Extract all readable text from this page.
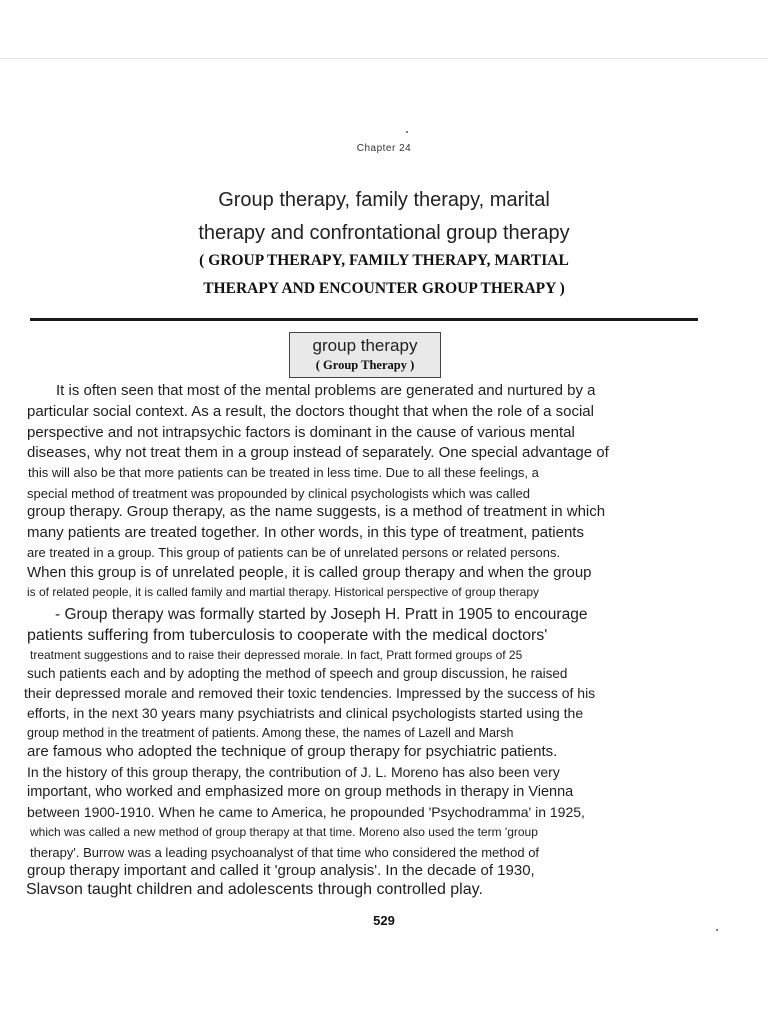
Chapter 24
Group therapy, family therapy, marital
therapy and confrontational group therapy
( GROUP THERAPY, FAMILY THERAPY, MARTIAL
THERAPY AND ENCOUNTER GROUP THERAPY )
group therapy
( Group Therapy )
It is often seen that most of the mental problems are generated and nurtured by a
particular social context. As a result, the doctors thought that when the role of a social
perspective and not intrapsychic factors is dominant in the cause of various mental
diseases, why not treat them in a group instead of separately. One special advantage of
this will also be that more patients can be treated in less time. Due to all these feelings, a
special method of treatment was propounded by clinical psychologists which was called
group therapy. Group therapy, as the name suggests, is a method of treatment in which
many patients are treated together. In other words, in this type of treatment, patients
are treated in a group. This group of patients can be of unrelated persons or related persons.
When this group is of unrelated people, it is called group therapy and when the group
is of related people, it is called family and martial therapy. Historical perspective of group therapy
- Group therapy was formally started by Joseph H. Pratt in 1905 to encourage
patients suffering from tuberculosis to cooperate with the medical doctors'
treatment suggestions and to raise their depressed morale. In fact, Pratt formed groups of 25
such patients each and by adopting the method of speech and group discussion, he raised
their depressed morale and removed their toxic tendencies. Impressed by the success of his
efforts, in the next 30 years many psychiatrists and clinical psychologists started using the
group method in the treatment of patients. Among these, the names of Lazell and Marsh
are famous who adopted the technique of group therapy for psychiatric patients.
In the history of this group therapy, the contribution of J. L. Moreno has also been very
important, who worked and emphasized more on group methods in therapy in Vienna
between 1900-1910. When he came to America, he propounded 'Psychodramma' in 1925,
which was called a new method of group therapy at that time. Moreno also used the term 'group
therapy'. Burrow was a leading psychoanalyst of that time who considered the method of
group therapy important and called it 'group analysis'. In the decade of 1930,
Slavson taught children and adolescents through controlled play.
529
